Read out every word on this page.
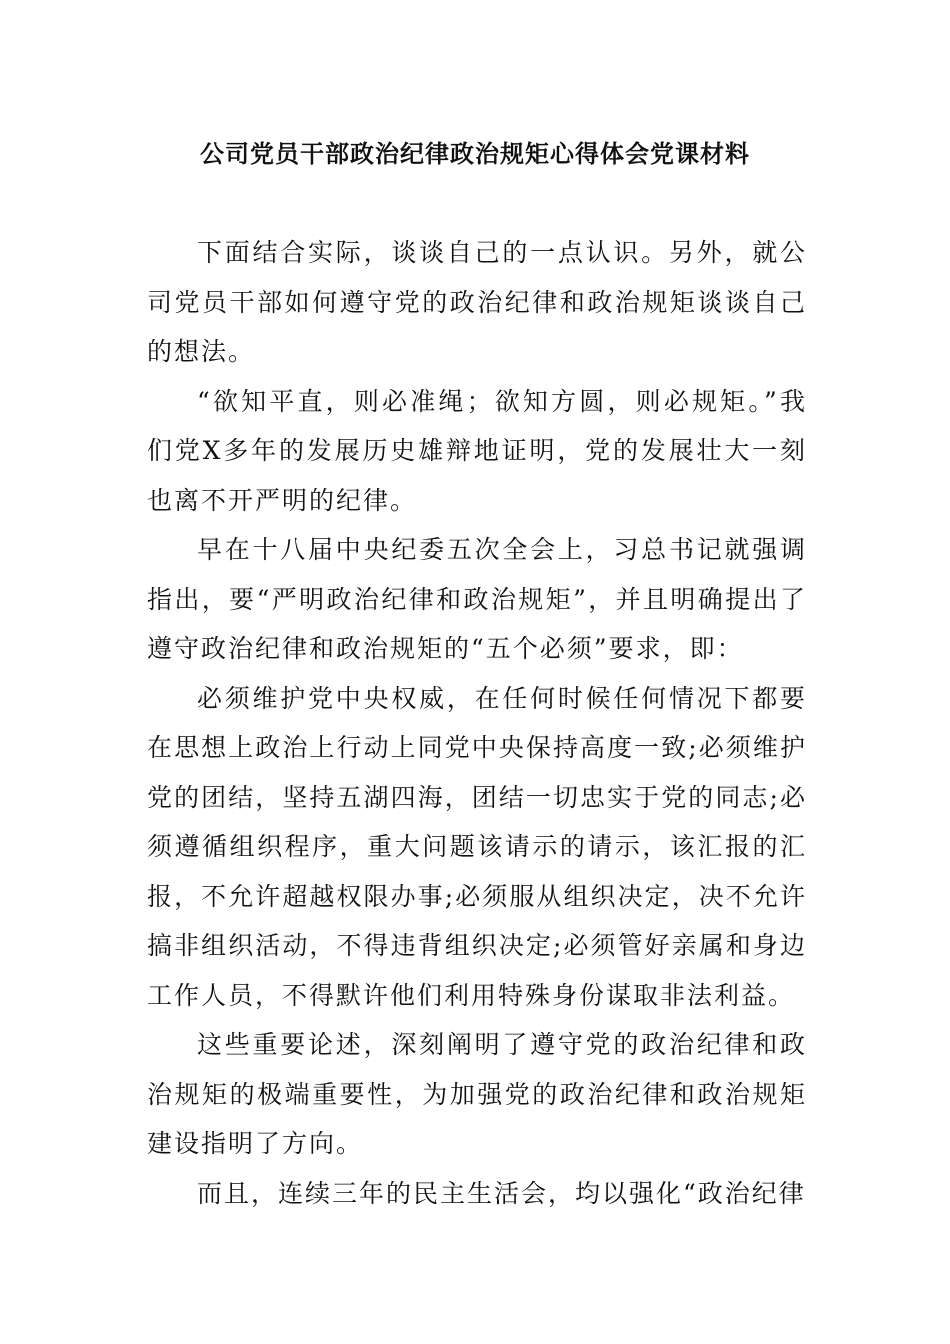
公司党员干部政治纪律政治规矩心得体会党课材料

下面结合实际，谈谈自己的一点认识。另外，就公司党员干部如何遵守党的政治纪律和政治规矩谈谈自己的想法。

“欲知平直，则必准绳；欲知方圆，则必规矩。”我们党X多年的发展历史雄辩地证明，党的发展壮大一刻也离不开严明的纪律。

早在十八届中央纪委五次全会上，习总书记就强调指出，要“严明政治纪律和政治规矩”，并且明确提出了遵守政治纪律和政治规矩的“五个必须”要求，即：

必须维护党中央权威，在任何时候任何情况下都要在思想上政治上行动上同党中央保持高度一致;必须维护党的团结，坚持五湖四海，团结一切忠实于党的同志;必须遵循组织程序，重大问题该请示的请示，该汇报的汇报，不允许超越权限办事;必须服从组织决定，决不允许搞非组织活动，不得违背组织决定;必须管好亲属和身边工作人员，不得默许他们利用特殊身份谋取非法利益。

这些重要论述，深刻阐明了遵守党的政治纪律和政治规矩的极端重要性，为加强党的政治纪律和政治规矩建设指明了方向。

而且，连续三年的民主生活会，均以强化“政治纪律
